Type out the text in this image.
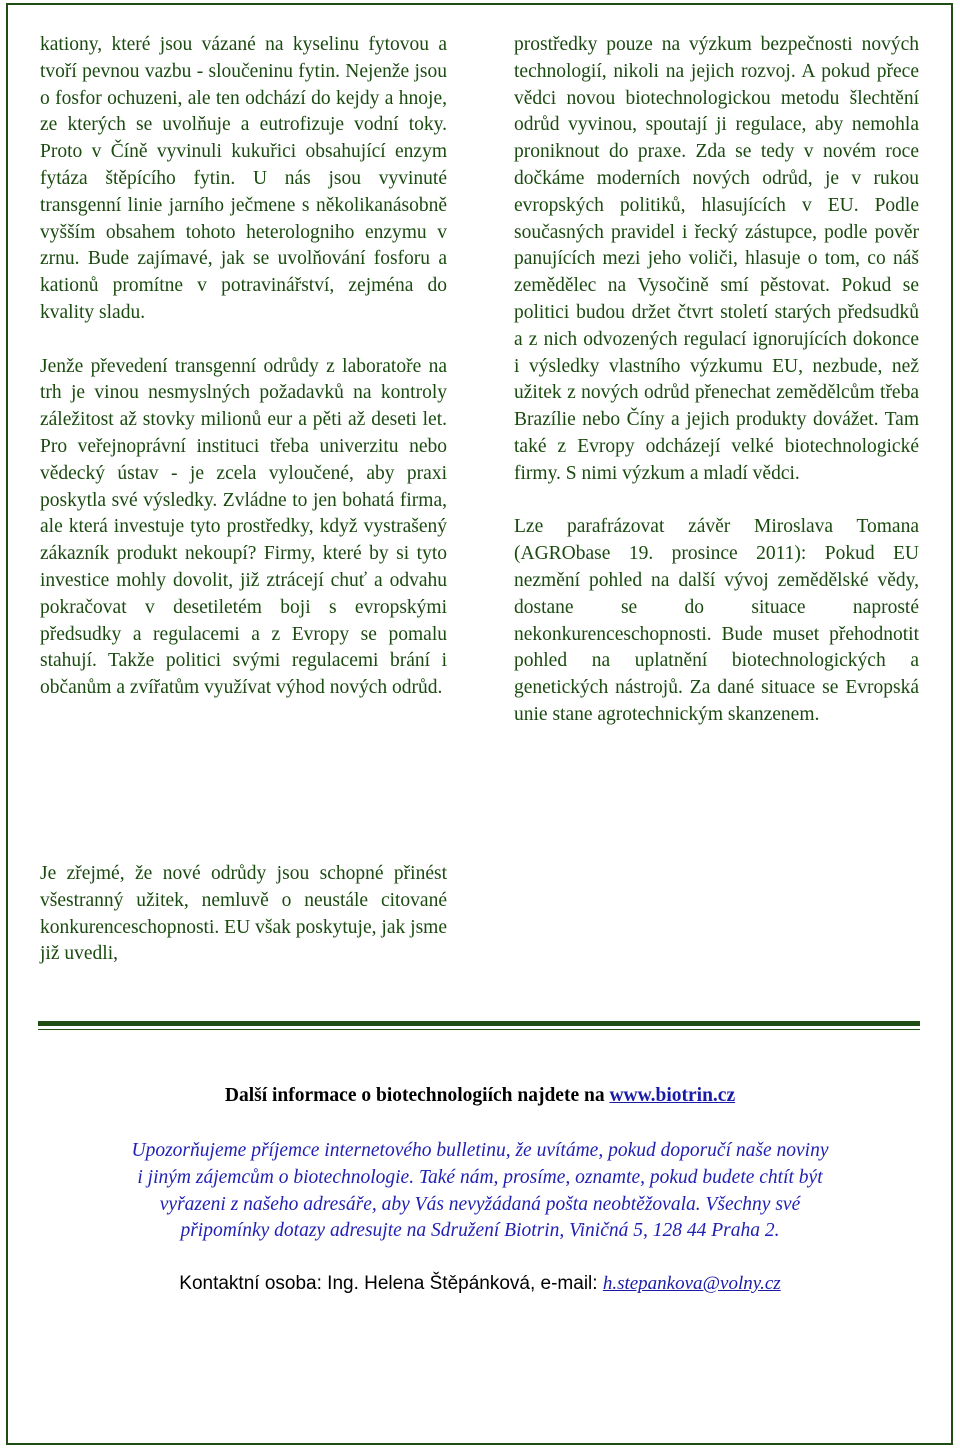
kationy, které jsou vázané na kyselinu fytovou a tvoří pevnou vazbu - sloučeninu fytin. Nejenže jsou o fosfor ochuzeni, ale ten odchází do kejdy a hnoje, ze kterých se uvolňuje a eutrofizuje vodní toky. Proto v Číně vyvinuli kukuřici obsahující enzym fytáza štěpícího fytin. U nás jsou vyvinuté transgenní linie jarního ječmene s několikanásobně vyšším obsahem tohoto heterologniho enzymu v zrnu. Bude zajímavé, jak se uvolňování fosforu a kationů promítne v potravinářství, zejména do kvality sladu.

Jenže převedení transgenní odrůdy z laboratoře na trh je vinou nesmyslných požadavků na kontroly záležitost až stovky milionů eur a pěti až deseti let. Pro veřejnoprávní instituci třeba univerzitu nebo vědecký ústav - je zcela vyloučené, aby praxi poskytla své výsledky. Zvládne to jen bohatá firma, ale která investuje tyto prostředky, když vystrašený zákazník produkt nekoupí? Firmy, které by si tyto investice mohly dovolit, již ztrácejí chuť a odvahu pokračovat v desetiletém boji s evropskými předsudky a regulacemi a z Evropy se pomalu stahují. Takže politici svými regulacemi brání i občanům a zvířatům využívat výhod nových odrůd.

Je zřejmé, že nové odrůdy jsou schopné přinést všestranný užitek, nemluvě o neustále citované konkurenceschopnosti. EU však poskytuje, jak jsme již uvedli,

prostředky pouze na výzkum bezpečnosti nových technologií, nikoli na jejich rozvoj. A pokud přece vědci novou biotechnologickou metodu šlechtění odrůd vyvinou, spoutají ji regulace, aby nemohla proniknout do praxe. Zda se tedy v novém roce dočkáme moderních nových odrůd, je v rukou evropských politiků, hlasujících v EU. Podle současných pravidel i řecký zástupce, podle pověr panujících mezi jeho voliči, hlasuje o tom, co náš zemědělec na Vysočině smí pěstovat. Pokud se politici budou držet čtvrt století starých předsudků a z nich odvozených regulací ignorujících dokonce i výsledky vlastního výzkumu EU, nezbude, než užitek z nových odrůd přenechat zemědělcům třeba Brazílie nebo Číny a jejich produkty dovážet. Tam také z Evropy odcházejí velké biotechnologické firmy. S nimi výzkum a mladí vědci.

Lze parafrázovat závěr Miroslava Tomana (AGRObase 19. prosince 2011): Pokud EU nezmění pohled na další vývoj zemědělské vědy, dostane se do situace naprosté nekonkurenceschopnosti. Bude muset přehodnotit pohled na uplatnění biotechnologických a genetických nástrojů. Za dané situace se Evropská unie stane agrotechnickým skanzenem.

Další informace o biotechnologiích najdete na www.biotrin.cz
Upozorňujeme příjemce internetového bulletinu, že uvítáme, pokud doporučí naše noviny
i jiným zájemcům o biotechnologie. Také nám, prosíme, oznamte, pokud budete chtít být
vyřazeni z našeho adresáře, aby Vás nevyžádaná pošta neobtěžovala. Všechny své
připomínky dotazy adresujte na Sdružení Biotrin, Viničná 5, 128 44 Praha 2.
Kontaktní osoba: Ing. Helena Štěpánková, e-mail: h.stepankova@volny.cz
